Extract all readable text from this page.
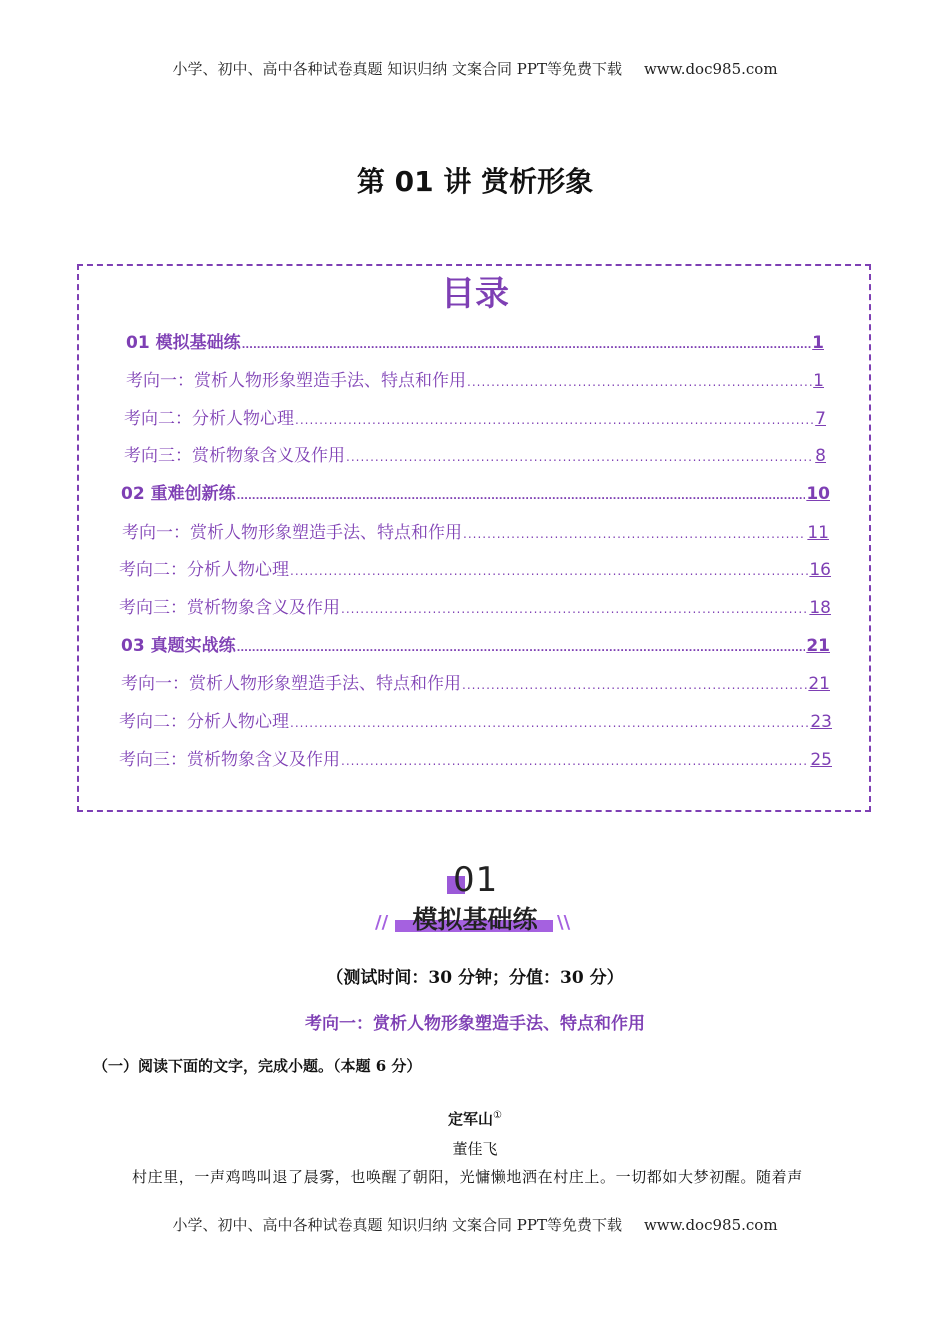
小学、初中、高中各种试卷真题 知识归纳 文案合同 PPT等免费下载 www.doc985.com
第 01 讲 赏析形象
目录
01 模拟基础练 .....	1
考向一：赏析人物形象塑造手法、特点和作用 .....	1
考向二：分析人物心理 .....	7
考向三：赏析物象含义及作用 .....	8
02 重难创新练 .....	10
考向一：赏析人物形象塑造手法、特点和作用 .....	11
考向二：分析人物心理 .....	16
考向三：赏析物象含义及作用 .....	18
03 真题实战练 .....	21
考向一：赏析人物形象塑造手法、特点和作用 .....	21
考向二：分析人物心理 .....	23
考向三：赏析物象含义及作用 .....	25
01
// 模拟基础练	\\
（测试时间：30 分钟；分值：30 分）
考向一：赏析人物形象塑造手法、特点和作用
（一）阅读下面的文字，完成小题。（本题 6 分）
定军山①
董佳飞
村庄里，一声鸡鸣叫退了晨雾，也唤醒了朝阳，光慵懒地洒在村庄上。一切都如大梦初醒。随着声
小学、初中、高中各种试卷真题 知识归纳 文案合同 PPT等免费下载 www.doc985.com
